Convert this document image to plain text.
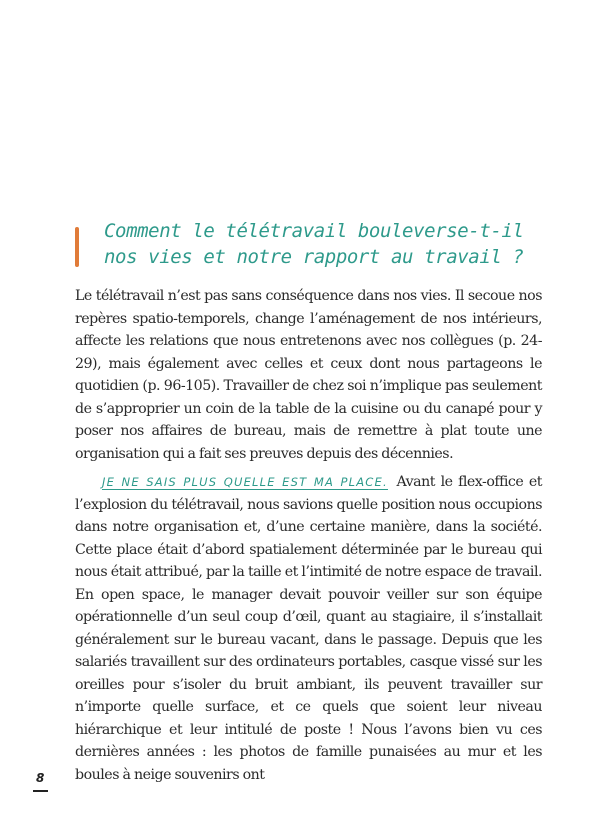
Comment le télétravail bouleverse-t-il
nos vies et notre rapport au travail ?

Le télétravail n’est pas sans conséquence dans nos vies. Il secoue nos repères spatio-temporels, change l’aménagement de nos intérieurs, affecte les relations que nous entretenons avec nos collègues (p. 24-29), mais également avec celles et ceux dont nous partageons le quotidien (p. 96-105). Travailler de chez soi n’implique pas seulement de s’approprier un coin de la table de la cuisine ou du canapé pour y poser nos affaires de bureau, mais de remettre à plat toute une organisation qui a fait ses preuves depuis des décennies.

JE NE SAIS PLUS QUELLE EST MA PLACE. Avant le flex-office et l’explosion du télétravail, nous savions quelle position nous occupions dans notre organisation et, d’une certaine manière, dans la société. Cette place était d’abord spatialement déterminée par le bureau qui nous était attribué, par la taille et l’intimité de notre espace de travail. En open space, le manager devait pouvoir veiller sur son équipe opérationnelle d’un seul coup d’œil, quant au stagiaire, il s’installait généralement sur le bureau vacant, dans le passage. Depuis que les salariés travaillent sur des ordinateurs portables, casque vissé sur les oreilles pour s’isoler du bruit ambiant, ils peuvent travailler sur n’importe quelle surface, et ce quels que soient leur niveau hiérarchique et leur intitulé de poste ! Nous l’avons bien vu ces dernières années : les photos de famille punaisées au mur et les boules à neige souvenirs ont

8
